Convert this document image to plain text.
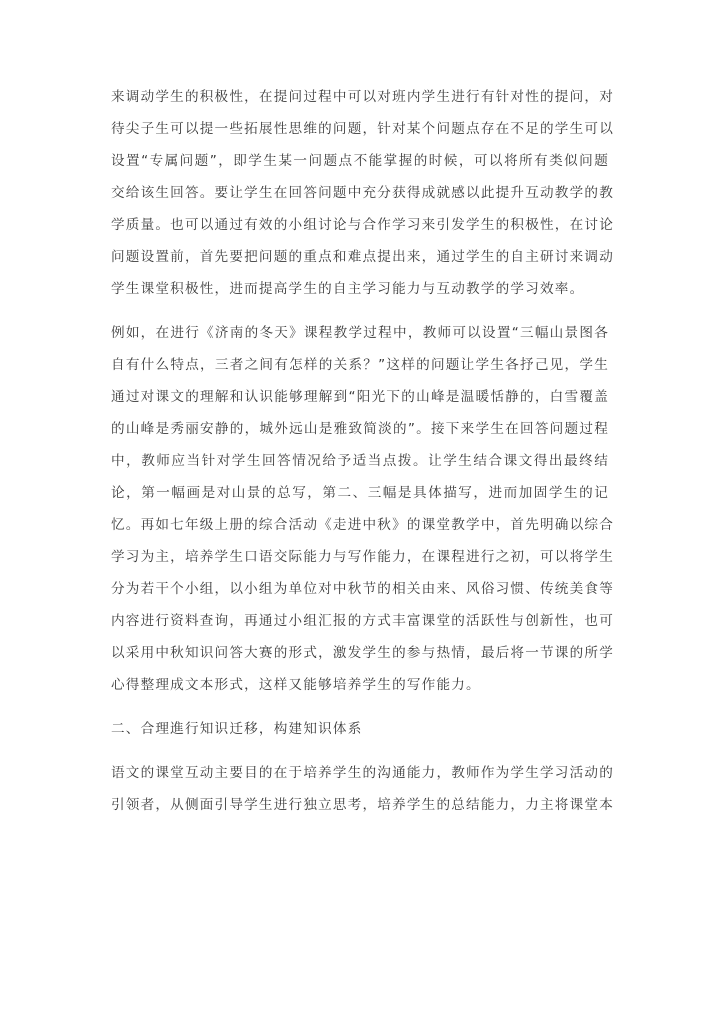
来调动学生的积极性，在提问过程中可以对班内学生进行有针对性的提问，对
待尖子生可以提一些拓展性思维的问题，针对某个问题点存在不足的学生可以
设置“专属问题”，即学生某一问题点不能掌握的时候，可以将所有类似问题
交给该生回答。要让学生在回答问题中充分获得成就感以此提升互动教学的教
学质量。也可以通过有效的小组讨论与合作学习来引发学生的积极性，在讨论
问题设置前，首先要把问题的重点和难点提出来，通过学生的自主研讨来调动
学生课堂积极性，进而提高学生的自主学习能力与互动教学的学习效率。
例如，在进行《济南的冬天》课程教学过程中，教师可以设置“三幅山景图各
自有什么特点，三者之间有怎样的关系？”这样的问题让学生各抒己见，学生
通过对课文的理解和认识能够理解到“阳光下的山峰是温暖恬静的，白雪覆盖
的山峰是秀丽安静的，城外远山是雅致简淡的”。接下来学生在回答问题过程
中，教师应当针对学生回答情况给予适当点拨。让学生结合课文得出最终结
论，第一幅画是对山景的总写，第二、三幅是具体描写，进而加固学生的记
忆。再如七年级上册的综合活动《走进中秋》的课堂教学中，首先明确以综合
学习为主，培养学生口语交际能力与写作能力，在课程进行之初，可以将学生
分为若干个小组，以小组为单位对中秋节的相关由来、风俗习惯、传统美食等
内容进行资料查询，再通过小组汇报的方式丰富课堂的活跃性与创新性，也可
以采用中秋知识问答大赛的形式，激发学生的参与热情，最后将一节课的所学
心得整理成文本形式，这样又能够培养学生的写作能力。
二、合理進行知识迁移，构建知识体系
语文的课堂互动主要目的在于培养学生的沟通能力，教师作为学生学习活动的
引领者，从侧面引导学生进行独立思考，培养学生的总结能力，力主将课堂本
